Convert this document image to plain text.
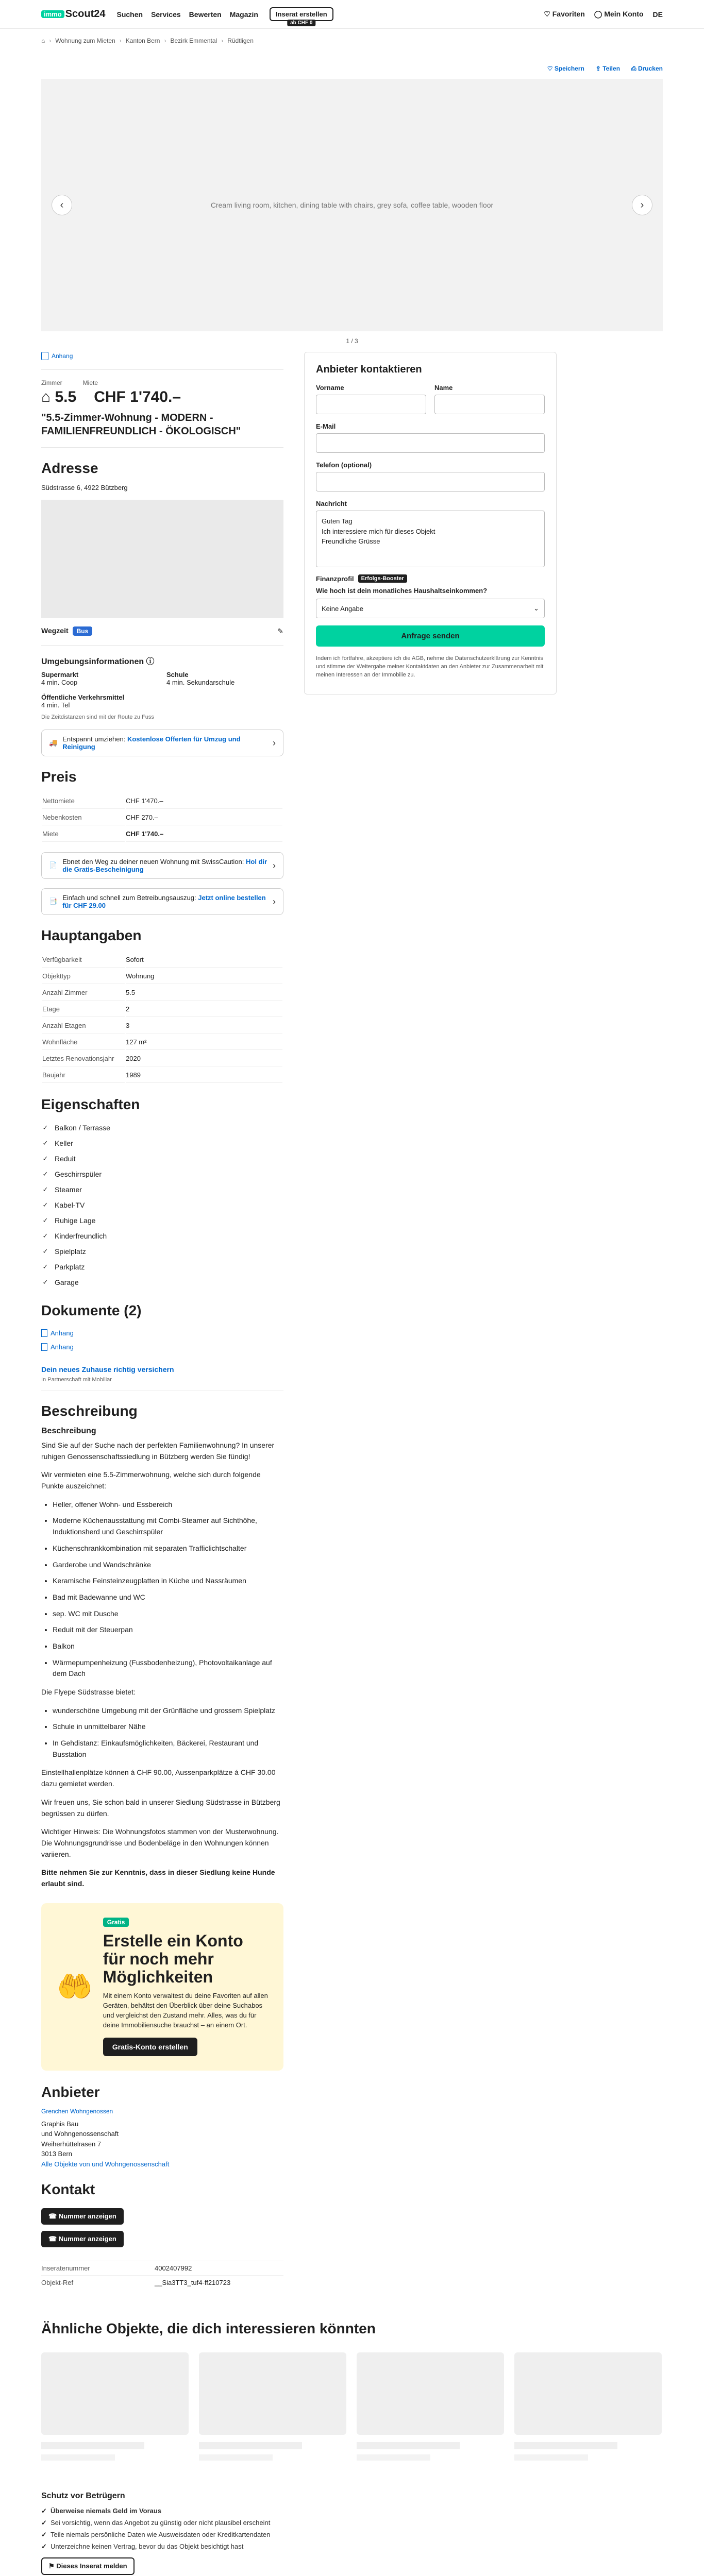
immo Scout24 Suchen Services Bewerten Magazin	Inserat erstellen
ab CHF 0
♡ Favoriten ◯ Mein Konto DE
⌂ › Wohnung zum Mieten › Kanton Bern › Bezirk Emmental › Rüdtligen
♡ Speichern ⇪ Teilen ⎙ Drucken
Cream living room, kitchen, dining table with chairs, grey sofa, coffee table, wooden floor
‹	›
1 / 3
Anhang
Zimmer	Miete
⌂ 5.5 CHF 1'740.–
"5.5-Zimmer-Wohnung - MODERN - FAMILIENFREUNDLICH - ÖKOLOGISCH"
Adresse
Südstrasse 6, 4922 Bützberg
Wegzeit Bus	✎
Umgebungsinformationen ⓘ
Supermarkt
4 min. Coop
Schule
4 min. Sekundarschule
Öffentliche Verkehrsmittel
4 min. Tel
Die Zeitdistanzen sind mit der Route zu Fuss
🚚 Entspannt umziehen: Kostenlose Offerten für Umzug und Reinigung	›
Preis
Nettomiete	CHF 1'470.–
Nebenkosten	CHF 270.–
Miete	CHF 1'740.–
📄 Ebnet den Weg zu deiner neuen Wohnung mit SwissCaution: Hol dir die Gratis-Bescheinigung	›
📑 Einfach und schnell zum Betreibungsauszug: Jetzt online bestellen für CHF 29.00	›
Hauptangaben
Verfügbarkeit	Sofort
Objekttyp	Wohnung
Anzahl Zimmer	5.5
Etage	2
Anzahl Etagen	3
Wohnfläche	127 m²
Letztes Renovationsjahr	2020
Baujahr	1989
Eigenschaften
✓ Balkon / Terrasse
✓ Keller
✓ Reduit
✓ Geschirrspüler
✓ Steamer
✓ Kabel-TV
✓ Ruhige Lage
✓ Kinderfreundlich
✓ Spielplatz
✓ Parkplatz
✓ Garage
Dokumente (2)
Anhang
Anhang
Dein neues Zuhause richtig versichern
In Partnerschaft mit Mobiliar
Beschreibung
Beschreibung

Sind Sie auf der Suche nach der perfekten Familienwohnung? In unserer ruhigen Genossenschaftssiedlung in Bützberg werden Sie fündig!

Wir vermieten eine 5.5-Zimmerwohnung, welche sich durch folgende Punkte auszeichnet:

• Heller, offener Wohn- und Essbereich
• Moderne Küchenausstattung mit Combi-Steamer auf Sichthöhe, Induktionsherd und Geschirrspüler
• Küchenschrankkombination mit separaten Trafficlichtschalter
• Garderobe und Wandschränke
• Keramische Feinsteinzeugplatten in Küche und Nassräumen
• Bad mit Badewanne und WC
• sep. WC mit Dusche
• Reduit mit der Steuerpan
• Balkon
• Wärmepumpenheizung (Fussbodenheizung), Photovoltaikanlage auf dem Dach

Die Flyepe Südstrasse bietet:

• wunderschöne Umgebung mit der Grünfläche und grossem Spielplatz
• Schule in unmittelbarer Nähe
• In Gehdistanz: Einkaufsmöglichkeiten, Bäckerei, Restaurant und Busstation

Einstellhallenplätze können á CHF 90.00, Aussenparkplätze á CHF 30.00 dazu gemietet werden.

Wir freuen uns, Sie schon bald in unserer Siedlung Südstrasse in Bützberg begrüssen zu dürfen.

Wichtiger Hinweis: Die Wohnungsfotos stammen von der Musterwohnung. Die Wohnungsgrundrisse und Bodenbeläge in den Wohnungen können variieren.

Bitte nehmen Sie zur Kenntnis, dass in dieser Siedlung keine Hunde erlaubt sind.

🤲
Gratis
Erstelle ein Konto für noch mehr Möglichkeiten

Mit einem Konto verwaltest du deine Favoriten auf allen Geräten, behältst den Überblick über deine Suchabos und vergleichst den Zustand mehr. Alles, was du für deine Immobiliensuche brauchst – an einem Ort.

Gratis-Konto erstellen
Anbieter
Grenchen Wohngenossen
Graphis Bau
und Wohngenossenschaft
Weiherhüttelrasen 7
3013 Bern
Alle Objekte von und Wohngenossenschaft
Kontakt
☎ Nummer anzeigen
☎ Nummer anzeigen
Inseratenummer	4002407992
Objekt-Ref	__Sia3TT3_tuf4-ff210723
Anbieter kontaktieren
Vorname	Name
E-Mail
Telefon (optional)
Nachricht
Guten Tag
Ich interessiere mich für dieses Objekt
Freundliche Grüsse
Finanzprofil	Erfolgs-Booster
Wie hoch ist dein monatliches Haushaltseinkommen?
Keine Angabe	⌄
Anfrage senden
Indem ich fortfahre, akzeptiere ich die AGB, nehme die Datenschutzerklärung zur Kenntnis und stimme der Weitergabe meiner Kontaktdaten an den Anbieter zur Zusammenarbeit mit meinen Interessen an der Immobilie zu.
Ähnliche Objekte, die dich interessieren könnten
Schutz vor Betrügern
✓ Überweise niemals Geld im Voraus
✓ Sei vorsichtig, wenn das Angebot zu günstig oder nicht plausibel erscheint
✓ Teile niemals persönliche Daten wie Ausweisdaten oder Kreditkartendaten
✓ Unterzeichne keinen Vertrag, bevor du das Objekt besichtigt hast
⚑ Dieses Inserat melden
